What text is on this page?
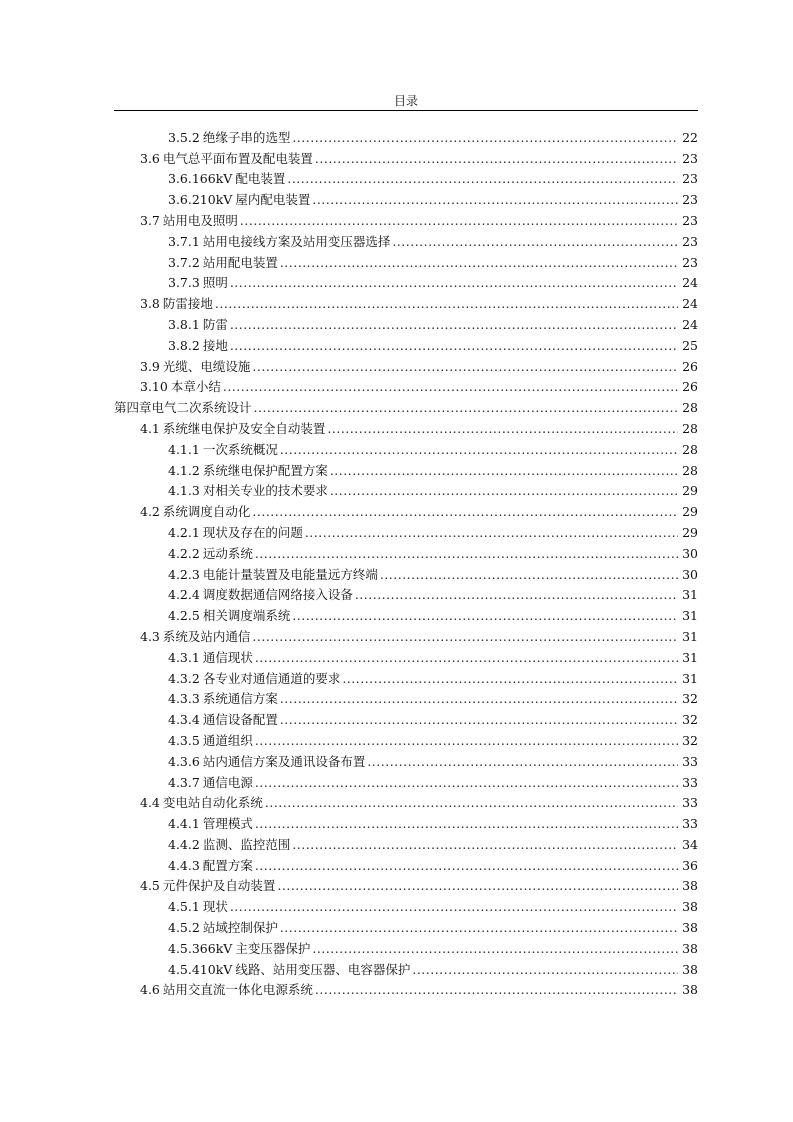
目录
3.5.2 绝缘子串的选型 .....	22
3.6 电气总平面布置及配电装置 .....	23
3.6.166kV 配电装置 .....	23
3.6.210kV 屋内配电装置 .....	23
3.7 站用电及照明 .....	23
3.7.1 站用电接线方案及站用变压器选择 .....	23
3.7.2 站用配电装置 .....	23
3.7.3 照明 .....	24
3.8 防雷接地 .....	24
3.8.1 防雷 .....	24
3.8.2 接地 .....	25
3.9 光缆、电缆设施 .....	26
3.10 本章小结 .....	26
第四章电气二次系统设计 .....	28
4.1 系统继电保护及安全自动装置 .....	28
4.1.1 一次系统概况 .....	28
4.1.2 系统继电保护配置方案 .....	28
4.1.3 对相关专业的技术要求 .....	29
4.2 系统调度自动化 .....	29
4.2.1 现状及存在的问题 .....	29
4.2.2 远动系统 .....	30
4.2.3 电能计量装置及电能量远方终端 .....	30
4.2.4 调度数据通信网络接入设备 .....	31
4.2.5 相关调度端系统 .....	31
4.3 系统及站内通信 .....	31
4.3.1 通信现状 .....	31
4.3.2 各专业对通信通道的要求 .....	31
4.3.3 系统通信方案 .....	32
4.3.4 通信设备配置 .....	32
4.3.5 通道组织 .....	32
4.3.6 站内通信方案及通讯设备布置 .....	33
4.3.7 通信电源 .....	33
4.4 变电站自动化系统 .....	33
4.4.1 管理模式 .....	33
4.4.2 监测、监控范围 .....	34
4.4.3 配置方案 .....	36
4.5 元件保护及自动装置 .....	38
4.5.1 现状 .....	38
4.5.2 站域控制保护 .....	38
4.5.366kV 主变压器保护 .....	38
4.5.410kV 线路、站用变压器、电容器保护 .....	38
4.6 站用交直流一体化电源系统 .....	38
